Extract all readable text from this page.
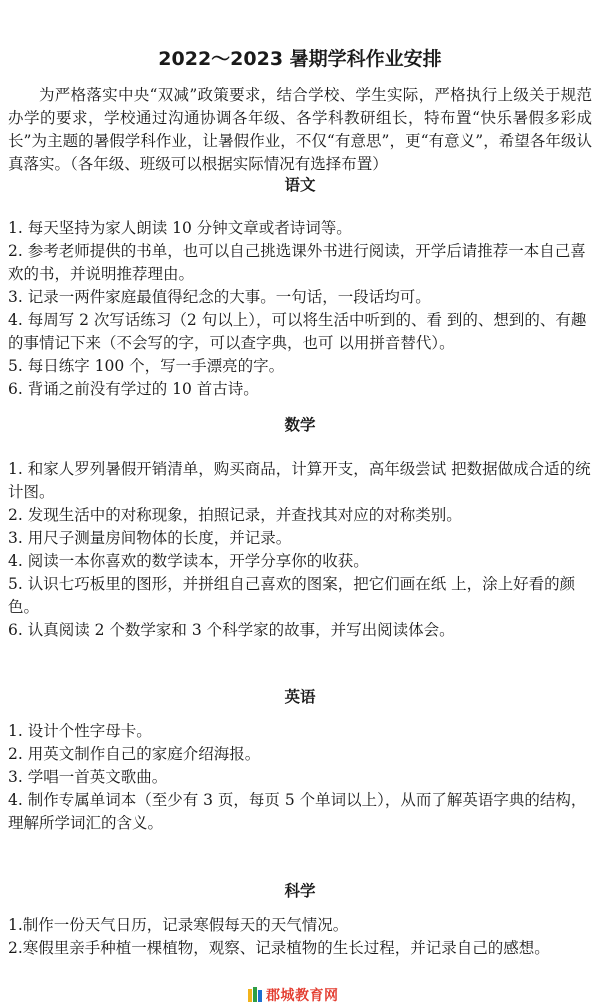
2022～2023 暑期学科作业安排

为严格落实中央“双减”政策要求，结合学校、学生实际，严格执行上级关于规范办学的要求，学校通过沟通协调各年级、各学科教研组长，特布置“快乐暑假多彩成长”为主题的暑假学科作业，让暑假作业，不仅“有意思”，更“有意义”，希望各年级认真落实。（各年级、班级可以根据实际情况有选择布置）

语文
1. 每天坚持为家人朗读 10 分钟文章或者诗词等。
2. 参考老师提供的书单，也可以自己挑选课外书进行阅读，开学后请推荐一本自己喜欢的书，并说明推荐理由。
3. 记录一两件家庭最值得纪念的大事。一句话，一段话均可。
4. 每周写 2 次写话练习（2 句以上），可以将生活中听到的、看 到的、想到的、有趣的事情记下来（不会写的字，可以查字典，也可 以用拼音替代）。
5. 每日练字 100 个，写一手漂亮的字。
6. 背诵之前没有学过的 10 首古诗。
数学
1. 和家人罗列暑假开销清单，购买商品，计算开支，高年级尝试 把数据做成合适的统计图。
2. 发现生活中的对称现象，拍照记录，并查找其对应的对称类别。
3. 用尺子测量房间物体的长度，并记录。
4. 阅读一本你喜欢的数学读本，开学分享你的收获。
5. 认识七巧板里的图形，并拼组自己喜欢的图案，把它们画在纸 上，涂上好看的颜色。
6. 认真阅读 2 个数学家和 3 个科学家的故事，并写出阅读体会。
英语
1. 设计个性字母卡。
2. 用英文制作自己的家庭介绍海报。
3. 学唱一首英文歌曲。
4. 制作专属单词本（至少有 3 页，每页 5 个单词以上），从而了解英语字典的结构，理解所学词汇的含义。
科学
1.制作一份天气日历，记录寒假每天的天气情况。
2.寒假里亲手种植一棵植物，观察、记录植物的生长过程，并记录自己的感想。
郡城教育网
